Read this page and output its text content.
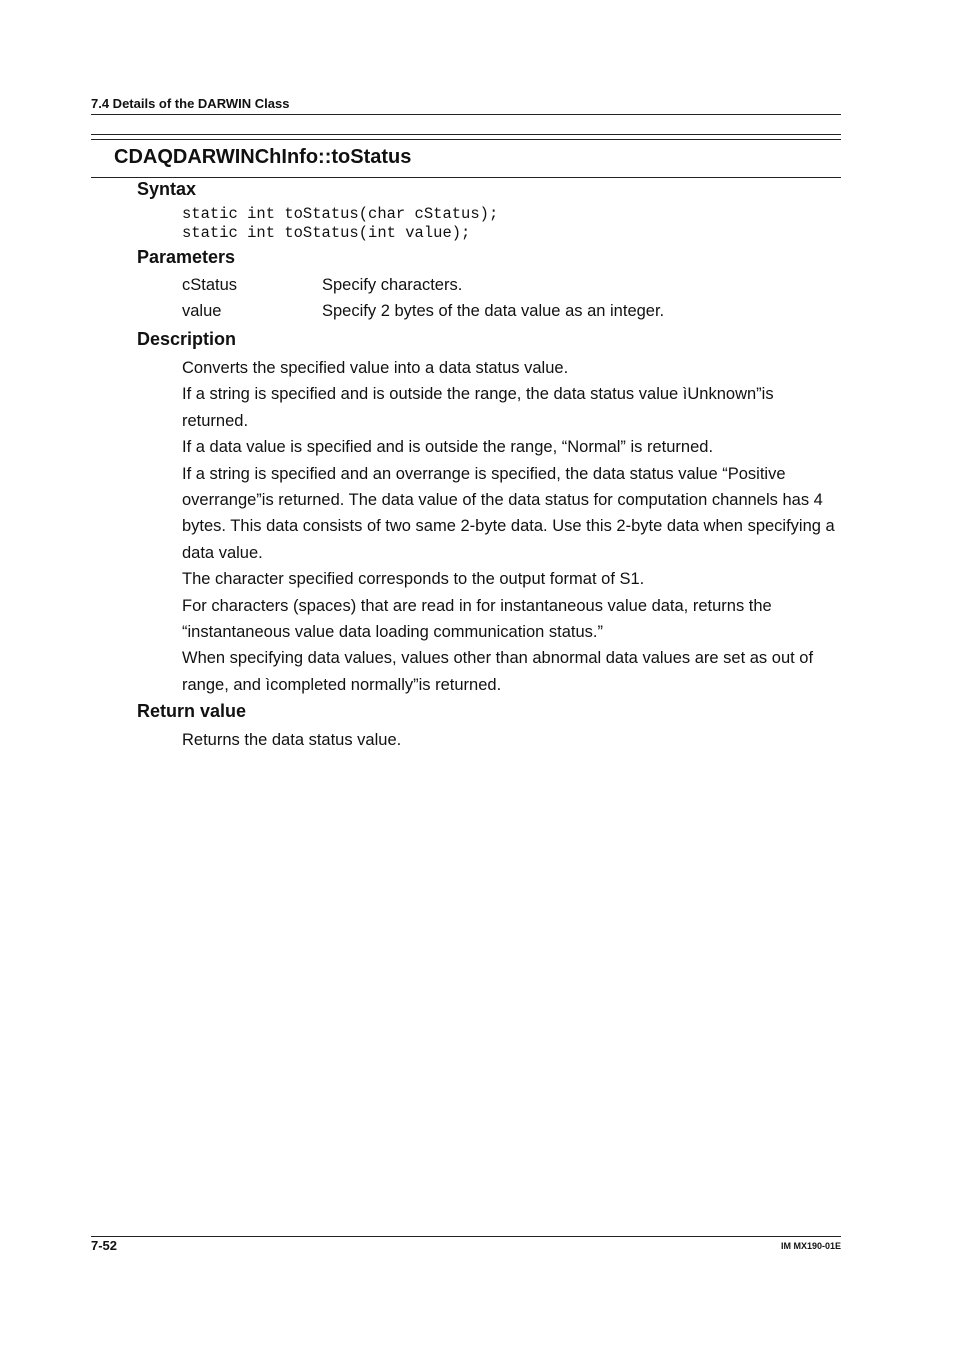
7.4 Details of the DARWIN Class
CDAQDARWINChInfo::toStatus
Syntax
static int toStatus(char cStatus);
static int toStatus(int value);
Parameters
cStatus	Specify characters.
value	Specify 2 bytes of the data value as an integer.
Description

Converts the specified value into a data status value.

If a string is specified and is outside the range, the data status value ìUnknown”is returned.

If a data value is specified and is outside the range, “Normal” is returned.

If a string is specified and an overrange is specified, the data status value “Positive overrange”is returned. The data value of the data status for computation channels has 4 bytes. This data consists of two same 2-byte data. Use this 2-byte data when specifying a data value.

The character specified corresponds to the output format of S1.

For characters (spaces) that are read in for instantaneous value data, returns the “instantaneous value data loading communication status.”

When specifying data values, values other than abnormal data values are set as out of range, and ìcompleted normally”is returned.

Return value
Returns the data status value.
7-52	IM MX190-01E
